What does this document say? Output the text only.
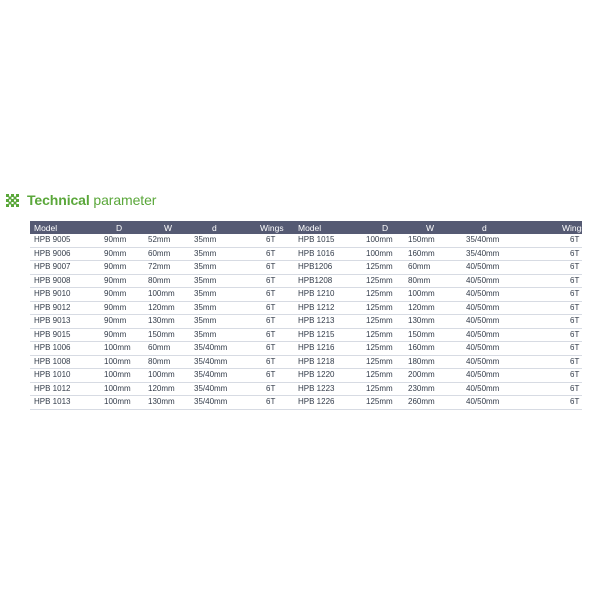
Technical parameter
Model	D	W	d	Wings	Model	D	W	d	Wings
HPB 9005	90mm	52mm	35mm	6T	HPB 1015	100mm	150mm	35/40mm	6T
HPB 9006	90mm	60mm	35mm	6T	HPB 1016	100mm	160mm	35/40mm	6T
HPB 9007	90mm	72mm	35mm	6T	HPB1206	125mm	60mm	40/50mm	6T
HPB 9008	90mm	80mm	35mm	6T	HPB1208	125mm	80mm	40/50mm	6T
HPB 9010	90mm	100mm	35mm	6T	HPB 1210	125mm	100mm	40/50mm	6T
HPB 9012	90mm	120mm	35mm	6T	HPB 1212	125mm	120mm	40/50mm	6T
HPB 9013	90mm	130mm	35mm	6T	HPB 1213	125mm	130mm	40/50mm	6T
HPB 9015	90mm	150mm	35mm	6T	HPB 1215	125mm	150mm	40/50mm	6T
HPB 1006	100mm	60mm	35/40mm	6T	HPB 1216	125mm	160mm	40/50mm	6T
HPB 1008	100mm	80mm	35/40mm	6T	HPB 1218	125mm	180mm	40/50mm	6T
HPB 1010	100mm	100mm	35/40mm	6T	HPB 1220	125mm	200mm	40/50mm	6T
HPB 1012	100mm	120mm	35/40mm	6T	HPB 1223	125mm	230mm	40/50mm	6T
HPB 1013	100mm	130mm	35/40mm	6T	HPB 1226	125mm	260mm	40/50mm	6T
